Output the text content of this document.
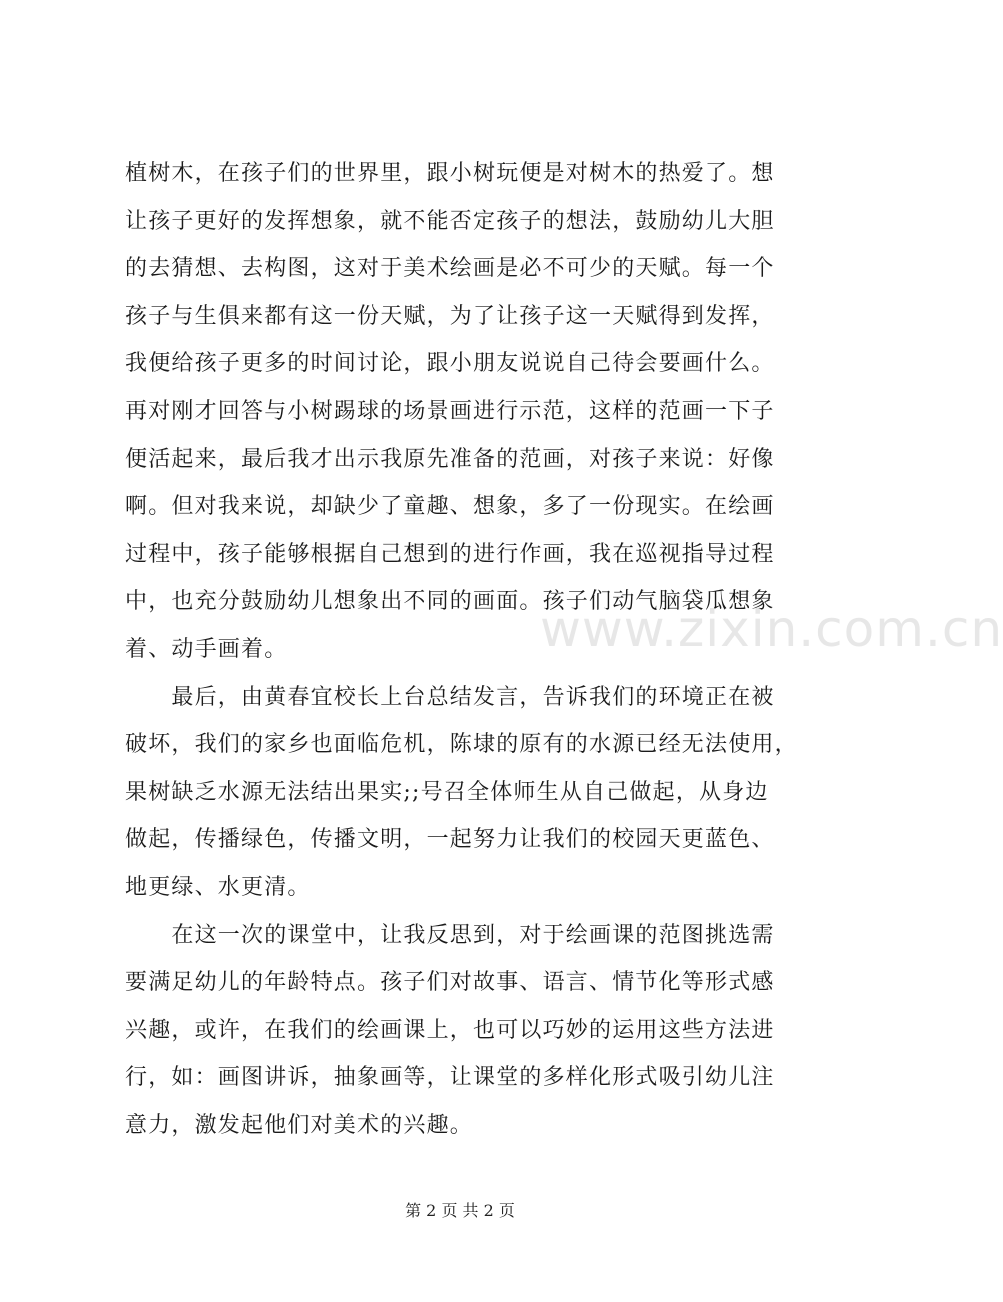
植树木，在孩子们的世界里，跟小树玩便是对树木的热爱了。想
让孩子更好的发挥想象，就不能否定孩子的想法，鼓励幼儿大胆
的去猜想、去构图，这对于美术绘画是必不可少的天赋。每一个
孩子与生俱来都有这一份天赋，为了让孩子这一天赋得到发挥，
我便给孩子更多的时间讨论，跟小朋友说说自己待会要画什么。
再对刚才回答与小树踢球的场景画进行示范，这样的范画一下子
便活起来，最后我才出示我原先准备的范画，对孩子来说：好像
啊。但对我来说，却缺少了童趣、想象，多了一份现实。在绘画
过程中，孩子能够根据自己想到的进行作画，我在巡视指导过程
中，也充分鼓励幼儿想象出不同的画面。孩子们动气脑袋瓜想象
着、动手画着。
　　最后，由黄春宜校长上台总结发言，告诉我们的环境正在被
破坏，我们的家乡也面临危机，陈埭的原有的水源已经无法使用，
果树缺乏水源无法结出果实;;号召全体师生从自己做起，从身边
做起，传播绿色，传播文明，一起努力让我们的校园天更蓝色、
地更绿、水更清。
　　在这一次的课堂中，让我反思到，对于绘画课的范图挑选需
要满足幼儿的年龄特点。孩子们对故事、语言、情节化等形式感
兴趣，或许，在我们的绘画课上，也可以巧妙的运用这些方法进
行，如：画图讲诉，抽象画等，让课堂的多样化形式吸引幼儿注
意力，激发起他们对美术的兴趣。
www.zixin.com.cn
第 2 页 共 2 页
